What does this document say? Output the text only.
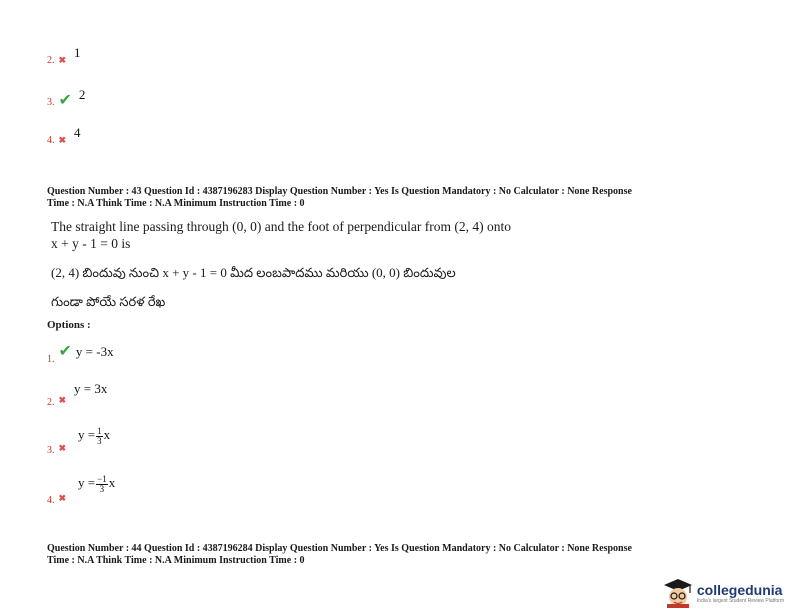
2. ✖ $^1$
3. ✔ $^2$
4. ✖ $^4$
Question Number : 43 Question Id : 4387196283 Display Question Number : Yes Is Question Mandatory : No Calculator : None Response
Time : N.A Think Time : N.A Minimum Instruction Time : 0
The straight line passing through (0, 0) and the foot of perpendicular from (2, 4) onto
x + y - 1 = 0 is
(2, 4) బిందువు నుంచి x + y - 1 = 0 మీద లంబపాదము మరియు (0, 0) బిందువుల
గుండా పోయే సరళ రేఖ
Options :
$_{1.}$ ✔ y = -3x
$_{2.}$ $_✖$ y = 3x
$_{3.}$ $_✖$ $y = \frac{1}{3}$ x
$_{4.}$ $_✖$ $y = \frac{-1}{3}$ x
Question Number : 44 Question Id : 4387196284 Display Question Number : Yes Is Question Mandatory : No Calculator : None Response
Time : N.A Think Time : N.A Minimum Instruction Time : 0
collegedunia
India's largest Student Review Platform
